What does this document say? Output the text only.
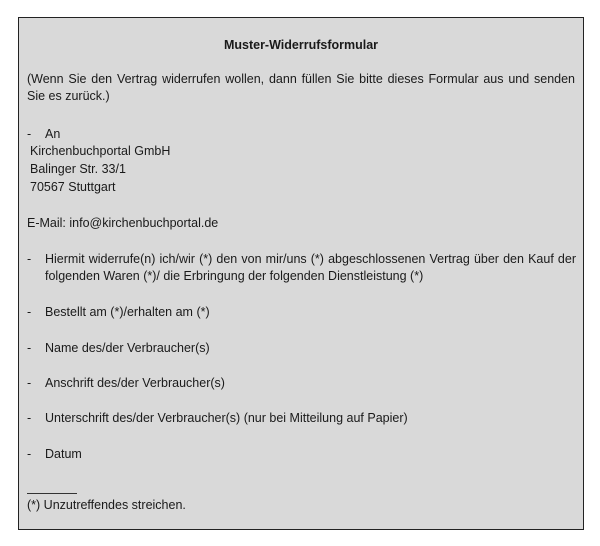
Muster-Widerrufsformular
(Wenn Sie den Vertrag widerrufen wollen, dann füllen Sie bitte dieses Formular aus und senden Sie es zurück.)
- An
Kirchenbuchportal GmbH
Balinger Str. 33/1
70567 Stuttgart
E-Mail: info@kirchenbuchportal.de
- Hiermit widerrufe(n) ich/wir (*) den von mir/uns (*) abgeschlossenen Vertrag über den Kauf der folgenden Waren (*)/ die Erbringung der folgenden Dienstleistung (*)
- Bestellt am (*)/erhalten am (*)
- Name des/der Verbraucher(s)
- Anschrift des/der Verbraucher(s)
- Unterschrift des/der Verbraucher(s) (nur bei Mitteilung auf Papier)
- Datum
(*) Unzutreffendes streichen.
